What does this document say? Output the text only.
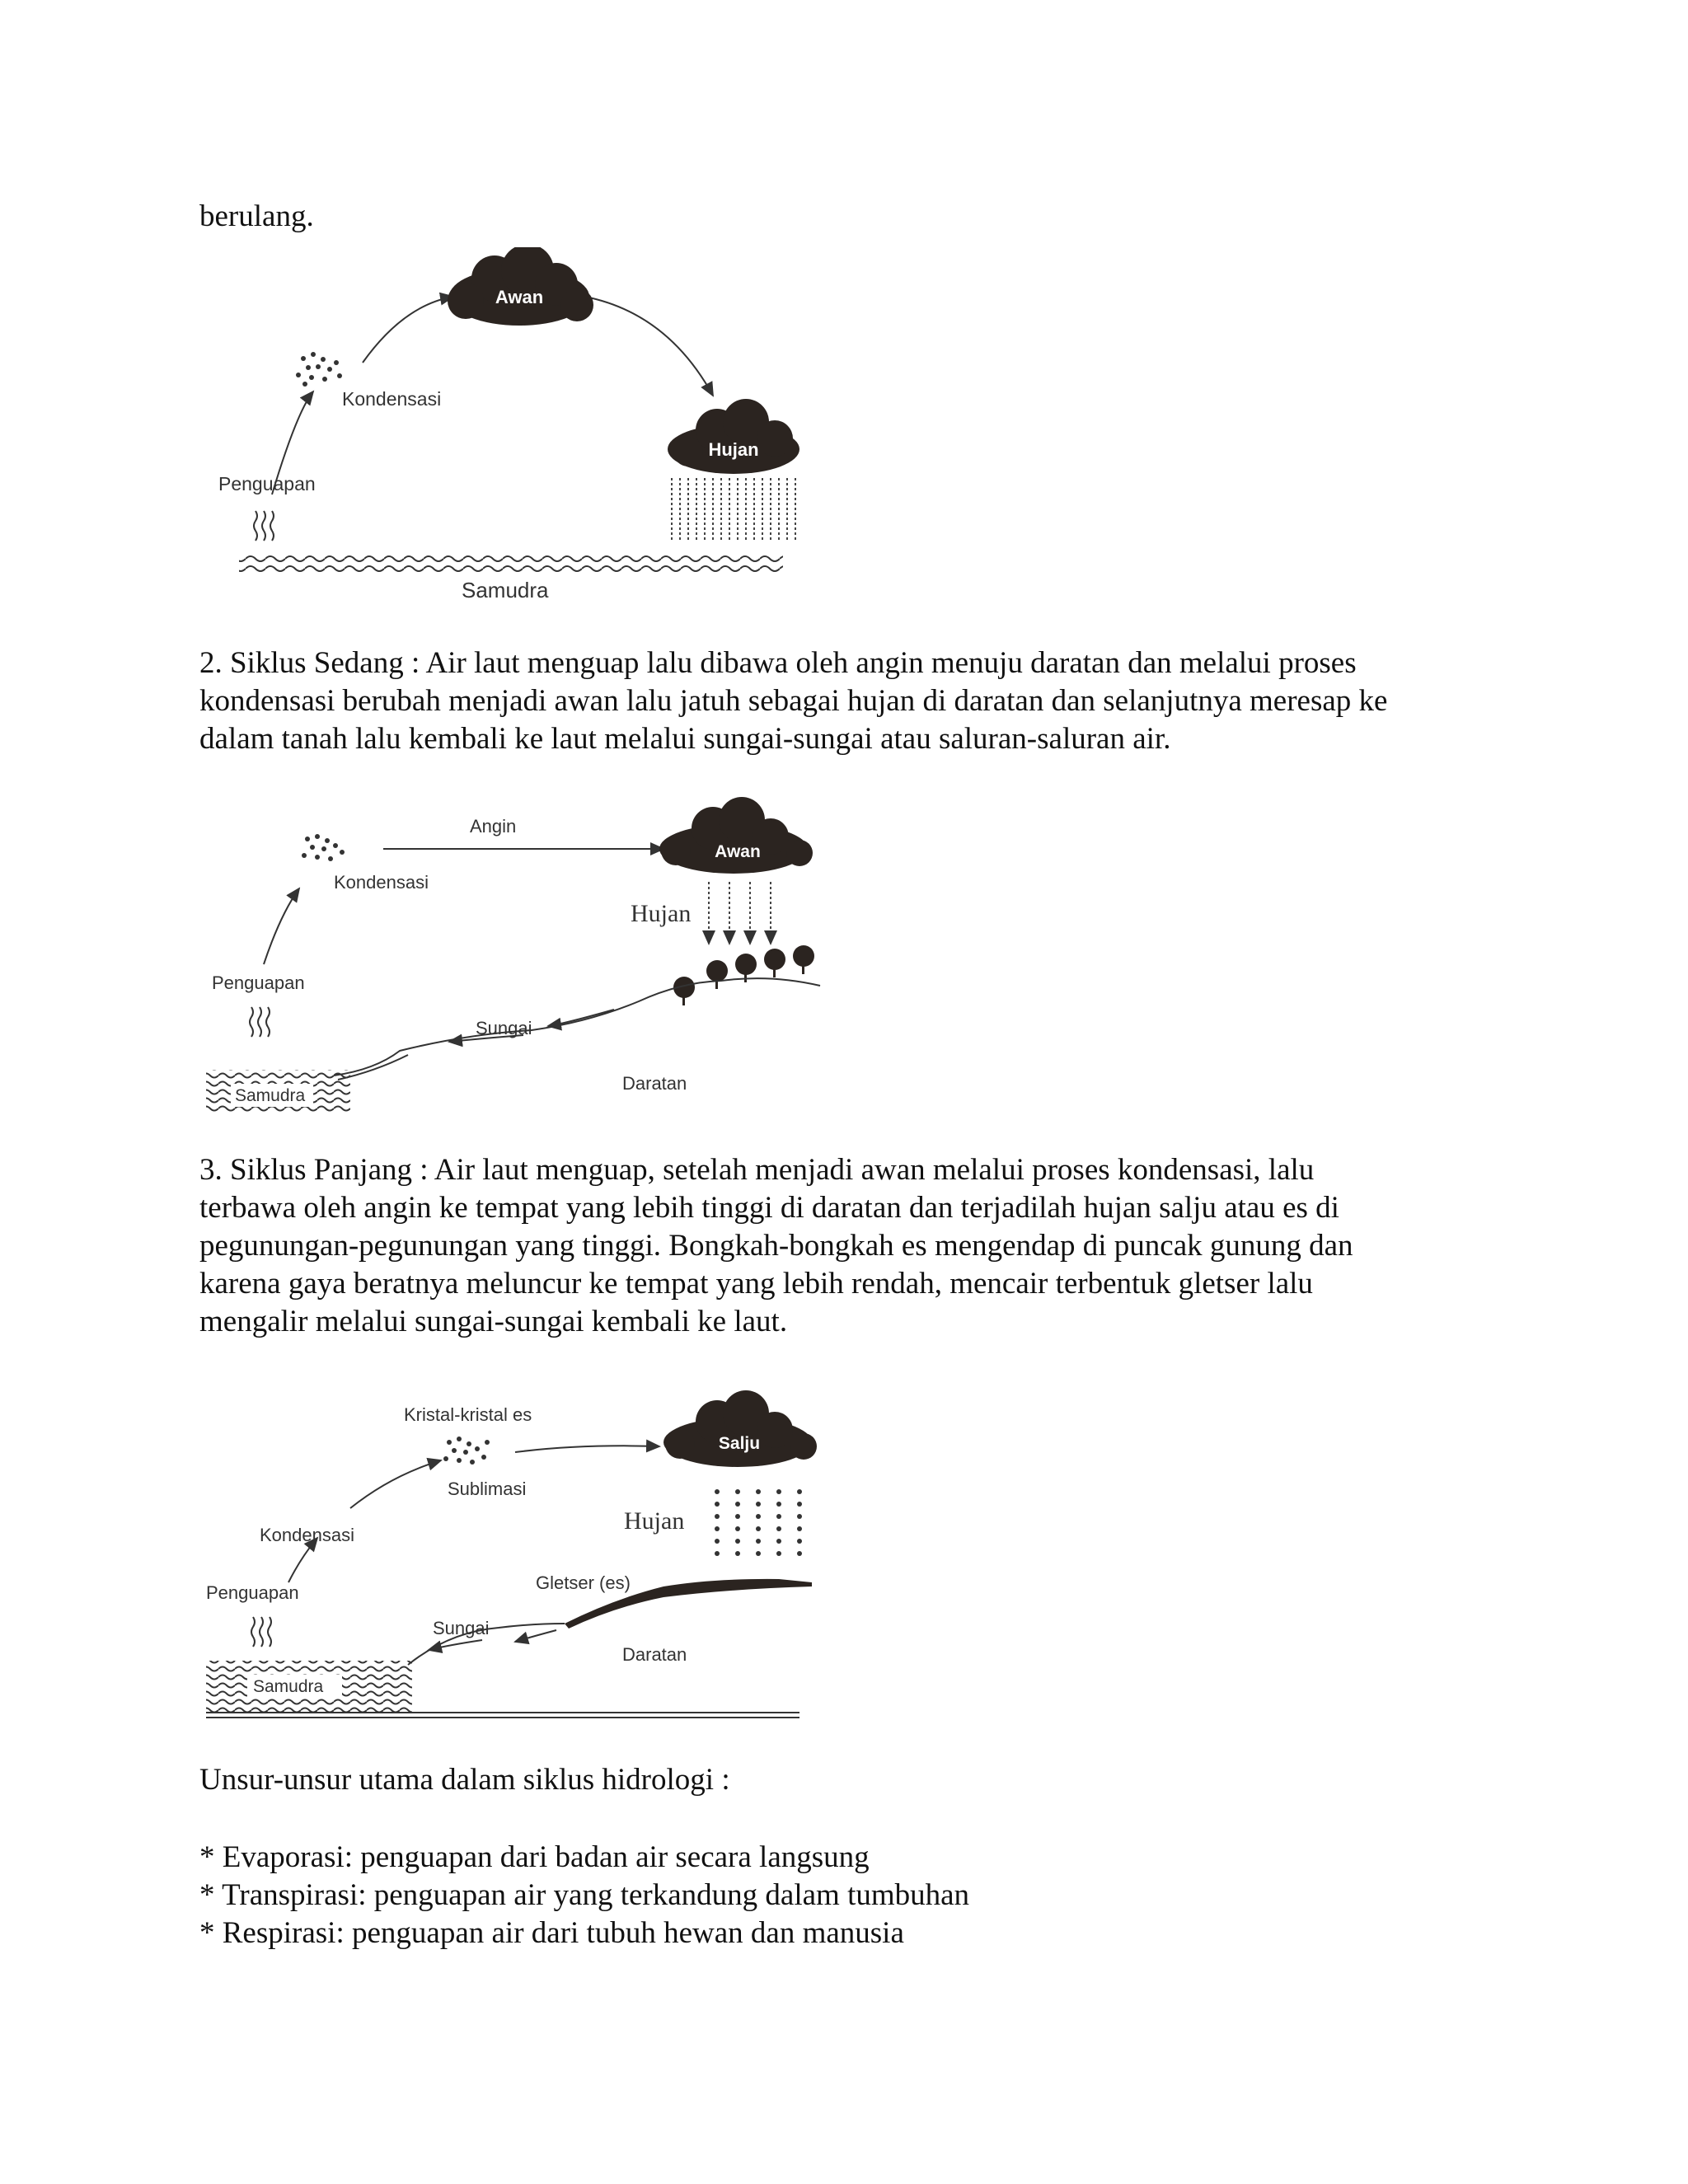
berulang.
Awan
Kondensasi
Hujan
Penguapan
Samudra
2. Siklus Sedang : Air laut menguap lalu dibawa oleh angin menuju daratan dan melalui proses
kondensasi berubah menjadi awan lalu jatuh sebagai hujan di daratan dan selanjutnya meresap ke
dalam tanah lalu kembali ke laut melalui sungai-sungai atau saluran-saluran air.
Angin
Kondensasi
Awan
Hujan
Sungai
Penguapan
Samudra
Daratan
3. Siklus Panjang : Air laut menguap, setelah menjadi awan melalui proses kondensasi, lalu
terbawa oleh angin ke tempat yang lebih tinggi di daratan dan terjadilah hujan salju atau es di
pegunungan-pegunungan yang tinggi. Bongkah-bongkah es mengendap di puncak gunung dan
karena gaya beratnya meluncur ke tempat yang lebih rendah, mencair terbentuk gletser lalu
mengalir melalui sungai-sungai kembali ke laut.
Kristal-kristal es
Sublimasi
Salju
Kondensasi
Hujan
Gletser (es)
Sungai
Penguapan
Daratan
Samudra
Unsur-unsur utama dalam siklus hidrologi :
* Evaporasi: penguapan dari badan air secara langsung
* Transpirasi: penguapan air yang terkandung dalam tumbuhan
* Respirasi: penguapan air dari tubuh hewan dan manusia
